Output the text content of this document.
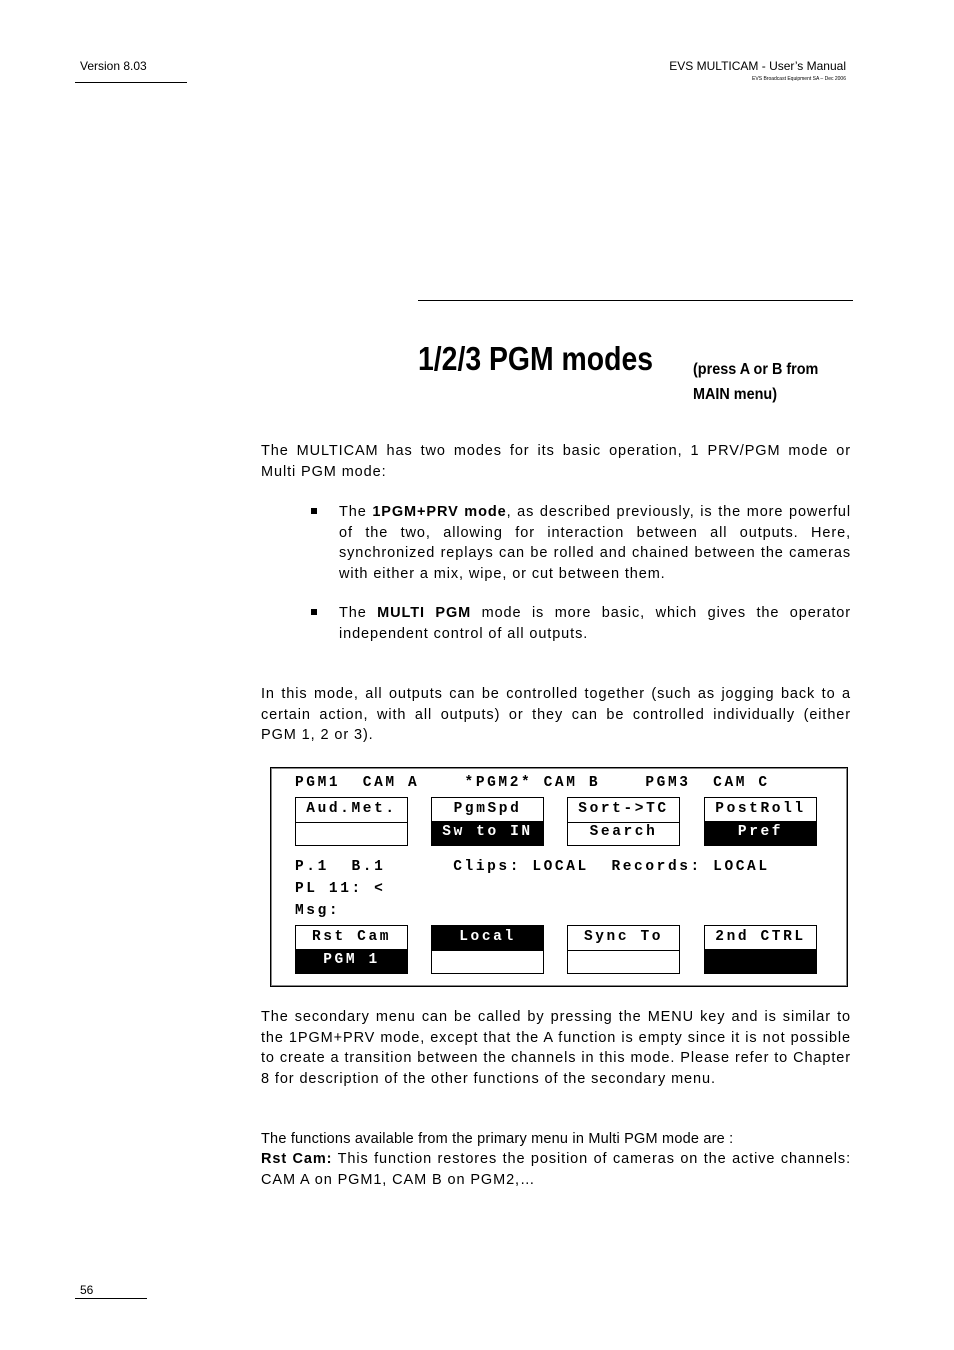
Version 8.03	EVS MULTICAM - User’s Manual
EVS Broadcast Equipment SA – Dec 2006
1/2/3 PGM modes (press A or B from
MAIN menu)
The MULTICAM has two modes for its basic operation, 1 PRV/PGM mode or Multi PGM mode:
The 1PGM+PRV mode, as described previously, is the more powerful of the two, allowing for interaction between all outputs. Here, synchronized replays can be rolled and chained between the cameras with either a mix, wipe, or cut between them.
The MULTI PGM mode is more basic, which gives the operator independent control of all outputs.
In this mode, all outputs can be controlled together (such as jogging back to a certain action, with all outputs) or they can be controlled individually (either PGM 1, 2 or 3).
PGM1  CAM A    *PGM2* CAM B    PGM3  CAM C
Aud.Met.	PgmSpd
Sw to IN
Sort->TC
Search
PostRoll
Pref
P.1  B.1      Clips: LOCAL  Records: LOCAL
PL 11: <
Msg:
Rst Cam
PGM 1
Local	Sync To	2nd CTRL
The secondary menu can be called by pressing the MENU key and is similar to the 1PGM+PRV mode, except that the A function is empty since it is not possible to create a transition between the channels in this mode. Please refer to Chapter 8 for description of the other functions of the secondary menu.
The functions available from the primary menu in Multi PGM mode are :
Rst Cam: This function restores the position of cameras on the active channels: CAM A on PGM1, CAM B on PGM2,…
56
